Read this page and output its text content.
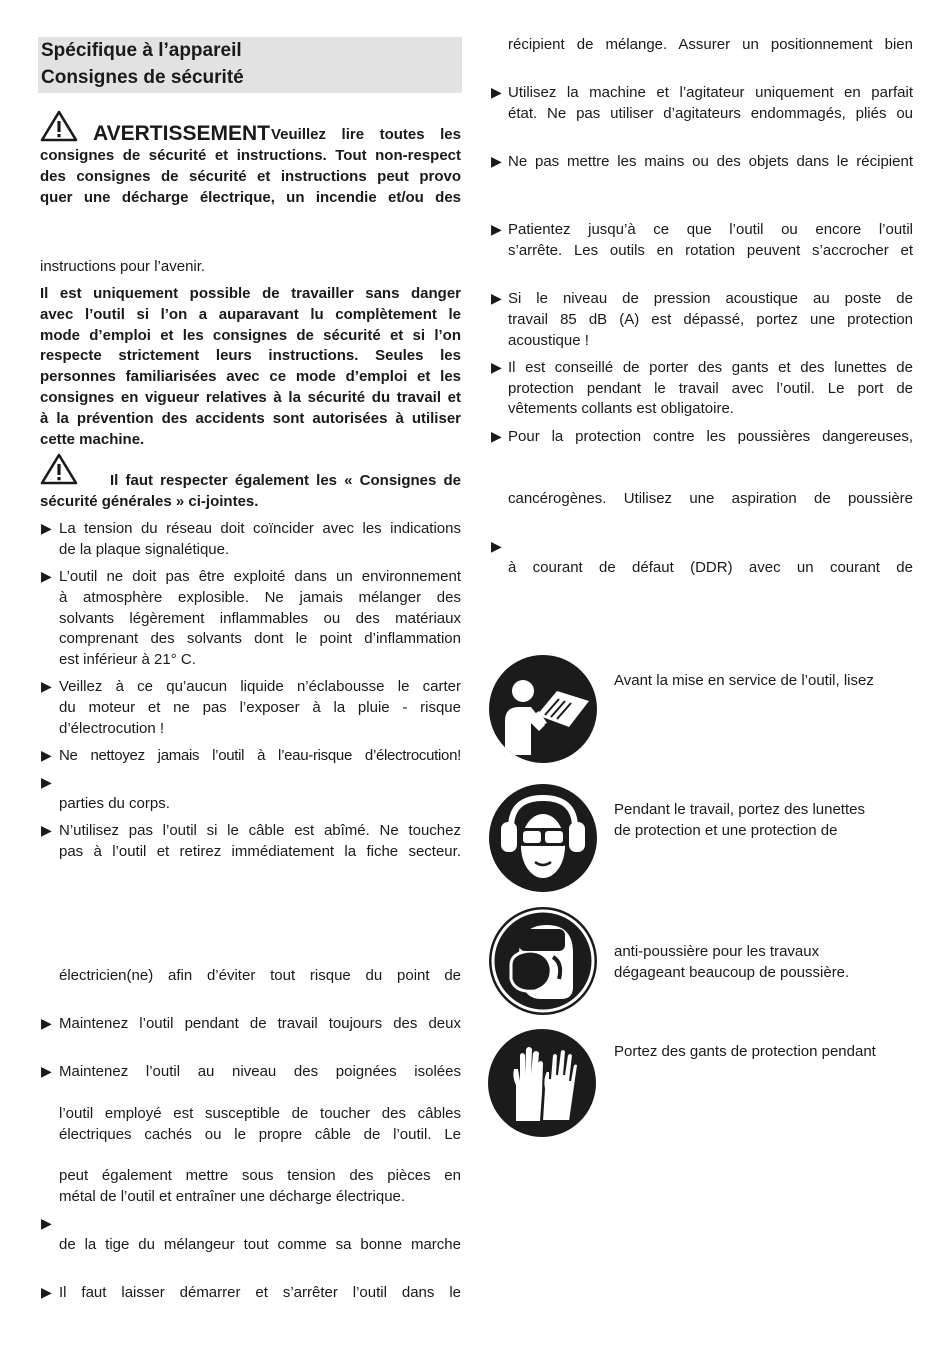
Spécifique à l’appareil
Consignes de sécurité
AVERTISSEMENT Veuillez lire toutes les
consignes de sécurité et instructions. Tout non-respect
des consignes de sécurité et instructions peut provo
quer une décharge électrique, un incendie et/ou des
instructions pour l’avenir.
Il est uniquement possible de travailler sans danger
avec l’outil si l’on a auparavant lu complètement le
mode d’emploi et les consignes de sécurité et si l’on
respecte strictement leurs instructions. Seules les
personnes familiarisées avec ce mode d’emploi et les
consignes en vigueur relatives à la sécurité du travail et
à la prévention des accidents sont autorisées à utiliser
cette machine.
Il faut respecter également les « Consignes de
sécurité générales » ci-jointes.
▶ La tension du réseau doit coïncider avec les indications
de la plaque signalétique.
▶ L’outil ne doit pas être exploité dans un environnement
à atmosphère explosible. Ne jamais mélanger des
solvants légèrement inflammables ou des matériaux
comprenant des solvants dont le point d’inflammation
est inférieur à 21° C.
▶ Veillez à ce qu’aucun liquide n’éclabousse le carter
du moteur et ne pas l’exposer à la pluie - risque
d’électrocution !
▶ Ne nettoyez jamais l’outil à l’eau-risque d’électrocution!
▶
parties du corps.
▶ N’utilisez pas l’outil si le câble est abîmé. Ne touchez
pas à l’outil et retirez immédiatement la fiche secteur.
électricien(ne) afin d’éviter tout risque du point de
▶ Maintenez l’outil pendant de travail toujours des deux
▶ Maintenez l’outil au niveau des poignées isolées
l’outil employé est susceptible de toucher des câbles
électriques cachés ou le propre câble de l’outil. Le
peut également mettre sous tension des pièces en
métal de l’outil et entraîner une décharge électrique.
▶
de la tige du mélangeur tout comme sa bonne marche
▶ Il faut laisser démarrer et s’arrêter l’outil dans le
récipient de mélange. Assurer un positionnement bien
▶ Utilisez la machine et l’agitateur uniquement en parfait
état. Ne pas utiliser d’agitateurs endommagés, pliés ou
▶ Ne pas mettre les mains ou des objets dans le récipient
▶ Patientez jusqu’à ce que l’outil ou encore l’outil
s’arrête. Les outils en rotation peuvent s’accrocher et
▶ Si le niveau de pression acoustique au poste de
travail 85 dB (A) est dépassé, portez une protection
acoustique !
▶ Il est conseillé de porter des gants et des lunettes de
protection pendant le travail avec l’outil. Le port de
vêtements collants est obligatoire.
▶ Pour la protection contre les poussières dangereuses,
cancérogènes. Utilisez une aspiration de poussière
▶
à courant de défaut (DDR) avec un courant de
Avant la mise en service de l’outil, lisez
Pendant le travail, portez des lunettes
de protection et une protection de
anti-poussière pour les travaux
dégageant beaucoup de poussière.
Portez des gants de protection pendant
